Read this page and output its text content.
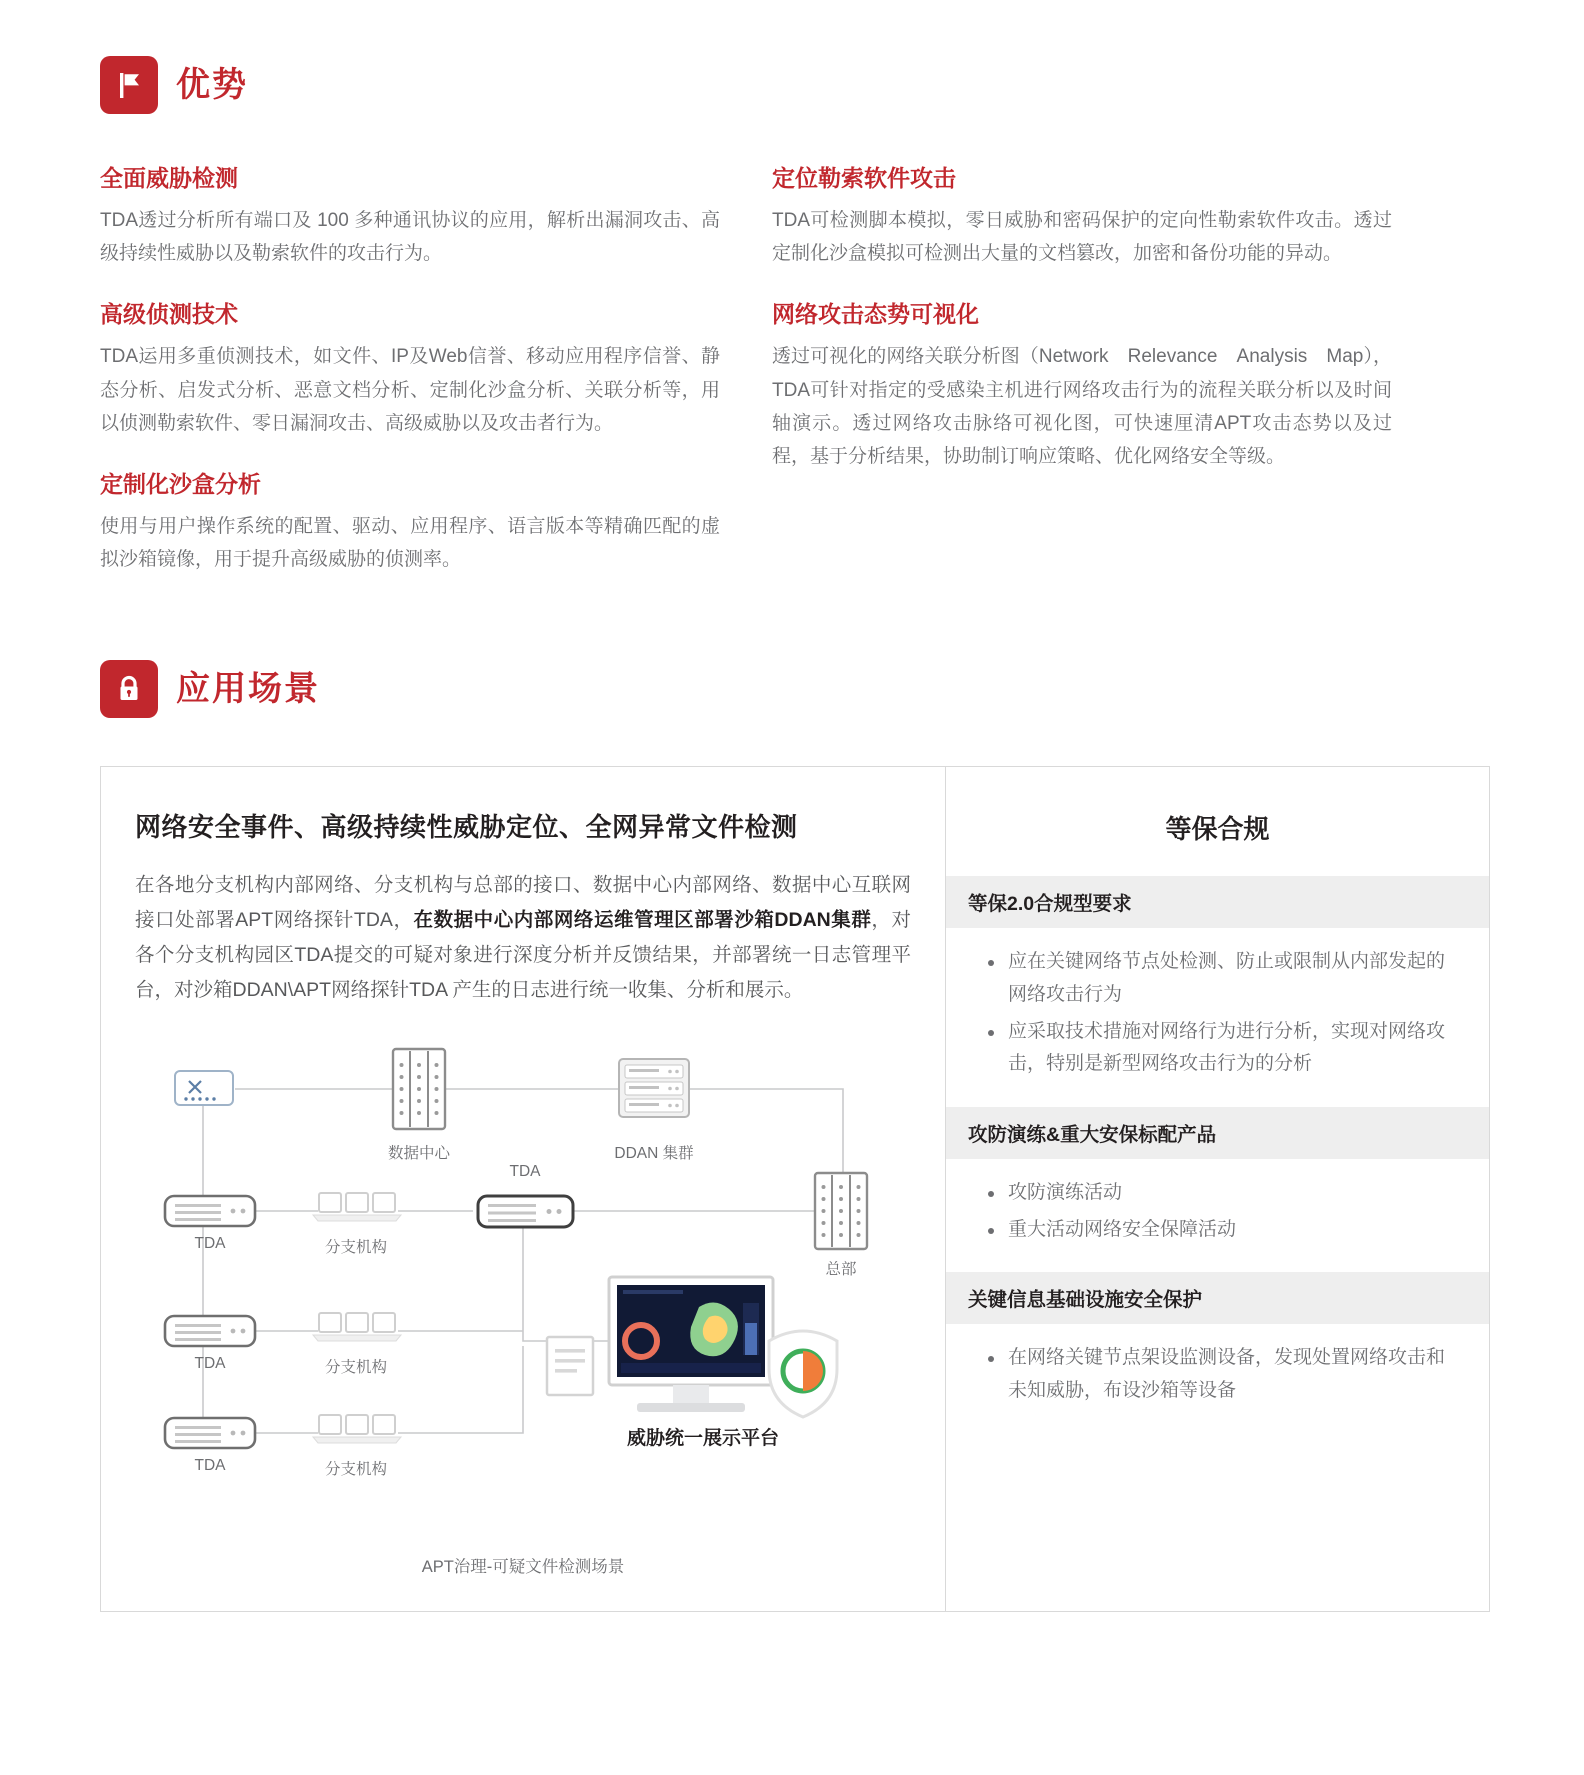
优势

全面威胁检测

TDA透过分析所有端口及 100 多种通讯协议的应用，解析出漏洞攻击、高级持续性威胁以及勒索软件的攻击行为。

高级侦测技术

TDA运用多重侦测技术，如文件、IP及Web信誉、移动应用程序信誉、静态分析、启发式分析、恶意文档分析、定制化沙盒分析、关联分析等，用以侦测勒索软件、零日漏洞攻击、高级威胁以及攻击者行为。

定制化沙盒分析

使用与用户操作系统的配置、驱动、应用程序、语言版本等精确匹配的虚拟沙箱镜像，用于提升高级威胁的侦测率。

定位勒索软件攻击

TDA可检测脚本模拟，零日威胁和密码保护的定向性勒索软件攻击。透过定制化沙盒模拟可检测出大量的文档篡改，加密和备份功能的异动。

网络攻击态势可视化

透过可视化的网络关联分析图（Network　Relevance　Analysis　Map），TDA可针对指定的受感染主机进行网络攻击行为的流程关联分析以及时间轴演示。透过网络攻击脉络可视化图，可快速厘清APT攻击态势以及过程，基于分析结果，协助制订响应策略、优化网络安全等级。

应用场景
网络安全事件、高级持续性威胁定位、全网异常文件检测

在各地分支机构内部网络、分支机构与总部的接口、数据中心内部网络、数据中心互联网接口处部署APT网络探针TDA，在数据中心内部网络运维管理区部署沙箱DDAN集群，对各个分支机构园区TDA提交的可疑对象进行深度分析并反馈结果，并部署统一日志管理平台，对沙箱DDAN\APT网络探针TDA 产生的日志进行统一收集、分析和展示。

数据中心	DDAN 集群
TDA	分支机构
TDA
总部
TDA	分支机构
TDA	分支机构
威胁统一展示平台
APT治理-可疑文件检测场景
等保合规
等保2.0合规型要求
应在关键网络节点处检测、防止或限制从内部发起的网络攻击行为
应采取技术措施对网络行为进行分析，实现对网络攻击，特别是新型网络攻击行为的分析
攻防演练&重大安保标配产品
攻防演练活动
重大活动网络安全保障活动
关键信息基础设施安全保护
在网络关键节点架设监测设备，发现处置网络攻击和未知威胁，布设沙箱等设备
